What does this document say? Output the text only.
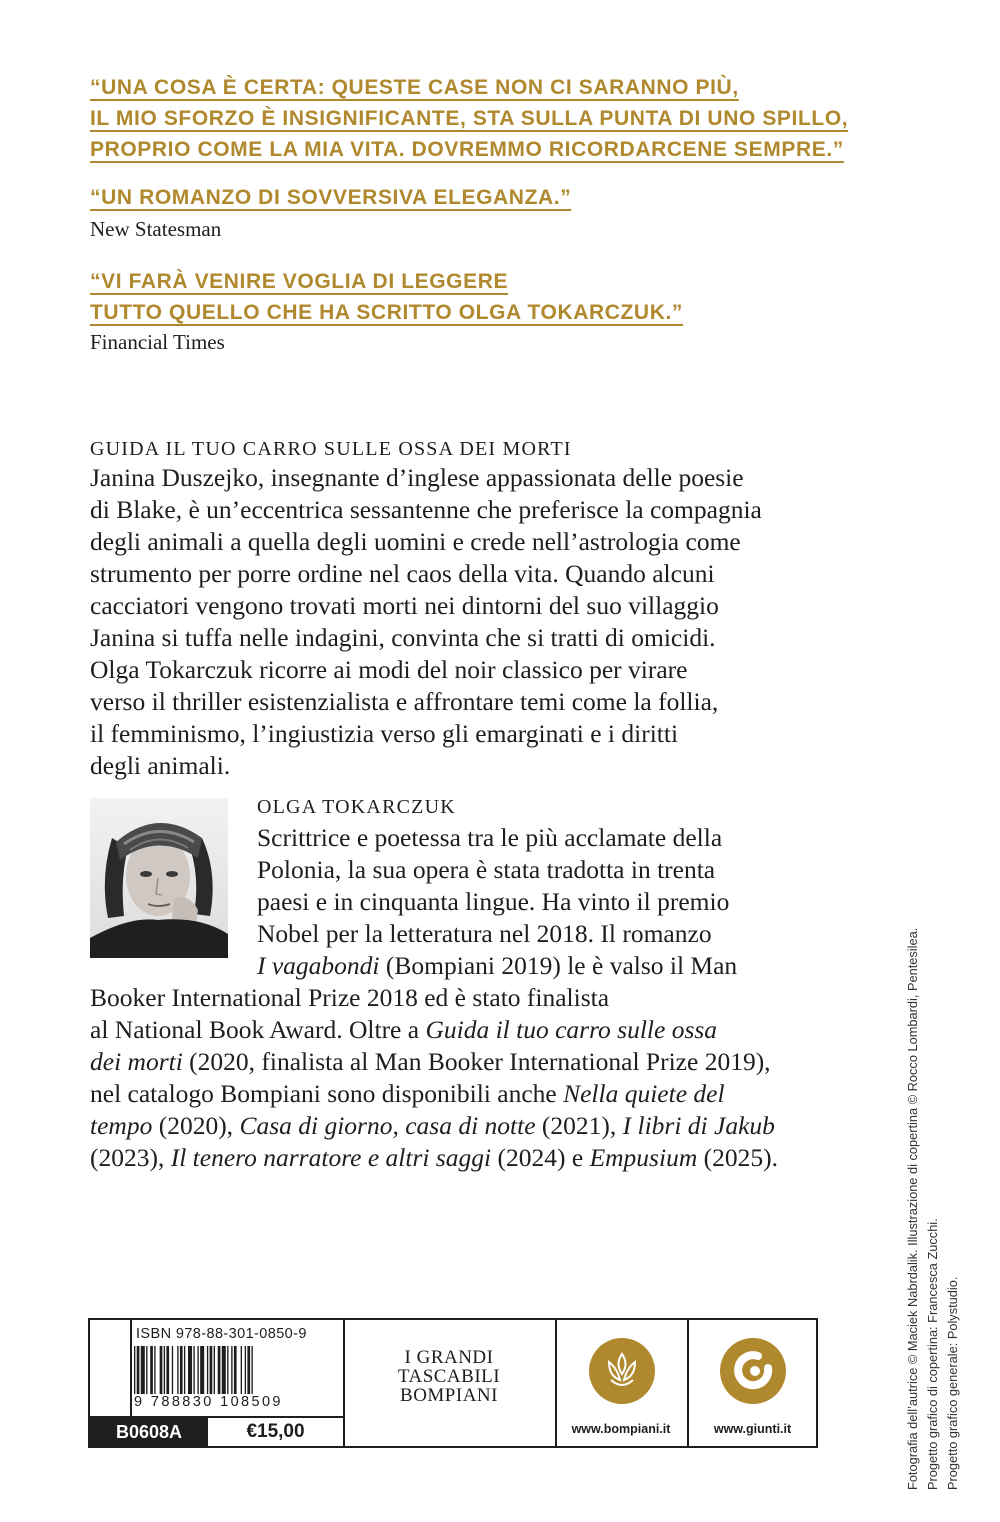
“UNA COSA È CERTA: QUESTE CASE NON CI SARANNO PIÙ,
IL MIO SFORZO È INSIGNIFICANTE, STA SULLA PUNTA DI UNO SPILLO,
PROPRIO COME LA MIA VITA. DOVREMMO RICORDARCENE SEMPRE.”
“UN ROMANZO DI SOVVERSIVA ELEGANZA.”
New Statesman
“VI FARÀ VENIRE VOGLIA DI LEGGERE
TUTTO QUELLO CHE HA SCRITTO OLGA TOKARCZUK.”
Financial Times
GUIDA IL TUO CARRO SULLE OSSA DEI MORTI
Janina Duszejko, insegnante d’inglese appassionata delle poesie
di Blake, è un’eccentrica sessantenne che preferisce la compagnia
degli animali a quella degli uomini e crede nell’astrologia come
strumento per porre ordine nel caos della vita. Quando alcuni
cacciatori vengono trovati morti nei dintorni del suo villaggio
Janina si tuffa nelle indagini, convinta che si tratti di omicidi.
Olga Tokarczuk ricorre ai modi del noir classico per virare
verso il thriller esistenzialista e affrontare temi come la follia,
il femminismo, l’ingiustizia verso gli emarginati e i diritti
degli animali.
OLGA TOKARCZUK
Scrittrice e poetessa tra le più acclamate della
Polonia, la sua opera è stata tradotta in trenta
paesi e in cinquanta lingue. Ha vinto il premio
Nobel per la letteratura nel 2018. Il romanzo
I vagabondi (Bompiani 2019) le è valso il Man
Booker International Prize 2018 ed è stato finalista
al National Book Award. Oltre a Guida il tuo carro sulle ossa
dei morti (2020, finalista al Man Booker International Prize 2019),
nel catalogo Bompiani sono disponibili anche Nella quiete del
tempo (2020), Casa di giorno, casa di notte (2021), I libri di Jakub
(2023), Il tenero narratore e altri saggi (2024) e Empusium (2025).
ISBN 978-88-301-0850-9
9 788830 108509
B0608A	€15,00
I GRANDI
TASCABILI
BOMPIANI
www.bompiani.it	www.giunti.it	Fotografia dell’autrice © Maciek Nabrdalik. Illustrazione di copertina © Rocco Lombardi, Pentesilea. Progetto grafico di copertina: Francesca Zucchi. Progetto grafico generale: Polystudio.
